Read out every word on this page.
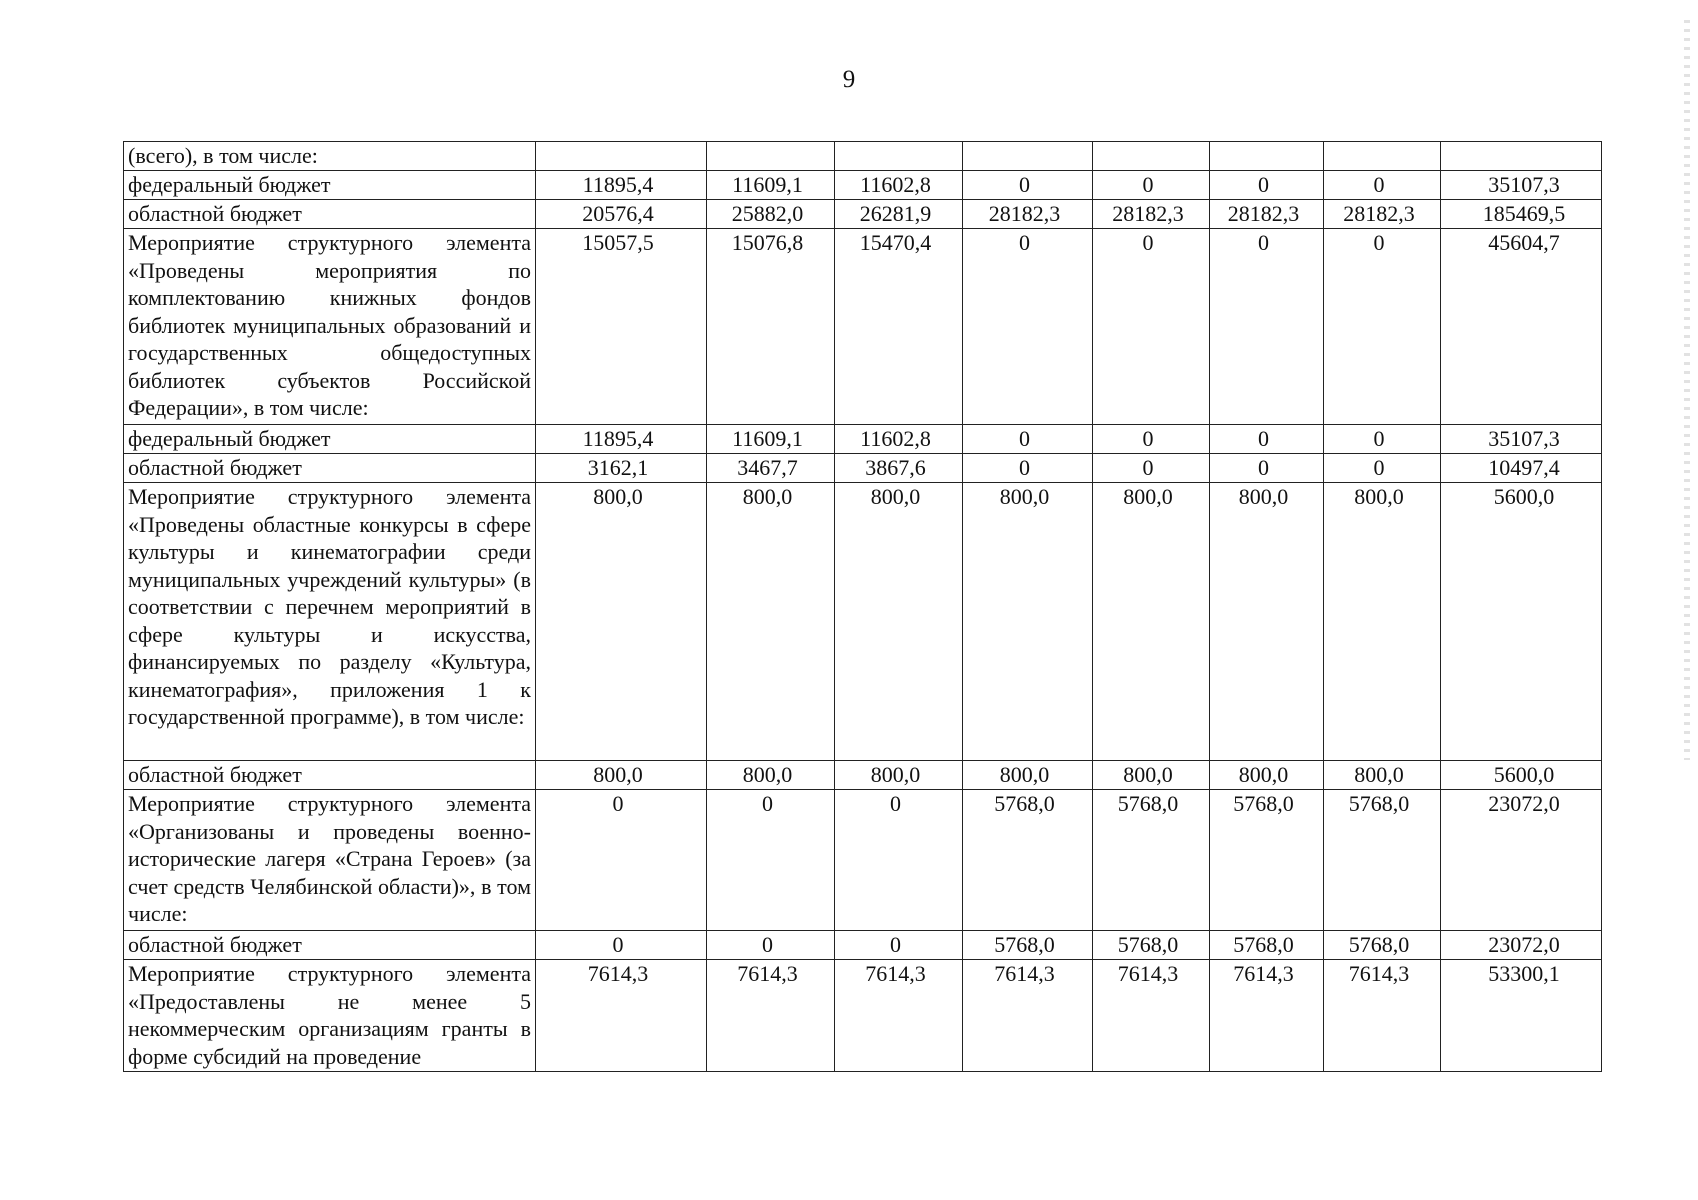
9
(всего), в том числе:								
федеральный бюджет	11895,4	11609,1	11602,8	0	0	0	0	35107,3
областной бюджет	20576,4	25882,0	26281,9	28182,3	28182,3	28182,3	28182,3	185469,5
Мероприятие структурного элемента «Проведены мероприятия по комплектованию книжных фондов библиотек муниципальных образований и государственных общедоступных библиотек субъектов Российской Федерации», в том числе:	15057,5	15076,8	15470,4	0	0	0	0	45604,7
федеральный бюджет	11895,4	11609,1	11602,8	0	0	0	0	35107,3
областной бюджет	3162,1	3467,7	3867,6	0	0	0	0	10497,4
Мероприятие структурного элемента «Проведены областные конкурсы в сфере культуры и кинематографии среди муниципальных учреждений культуры» (в соответствии с перечнем мероприятий в сфере культуры и искусства, финансируемых по разделу «Культура, кинематография», приложения 1 к государственной программе), в том числе:	800,0	800,0	800,0	800,0	800,0	800,0	800,0	5600,0
областной бюджет	800,0	800,0	800,0	800,0	800,0	800,0	800,0	5600,0
Мероприятие структурного элемента «Организованы и проведены военно-исторические лагеря «Страна Героев» (за счет средств Челябинской области)», в том числе:	0	0	0	5768,0	5768,0	5768,0	5768,0	23072,0
областной бюджет	0	0	0	5768,0	5768,0	5768,0	5768,0	23072,0
Мероприятие структурного элемента «Предоставлены не менее 5 некоммерческим организациям гранты в форме субсидий на проведение	7614,3	7614,3	7614,3	7614,3	7614,3	7614,3	7614,3	53300,1
